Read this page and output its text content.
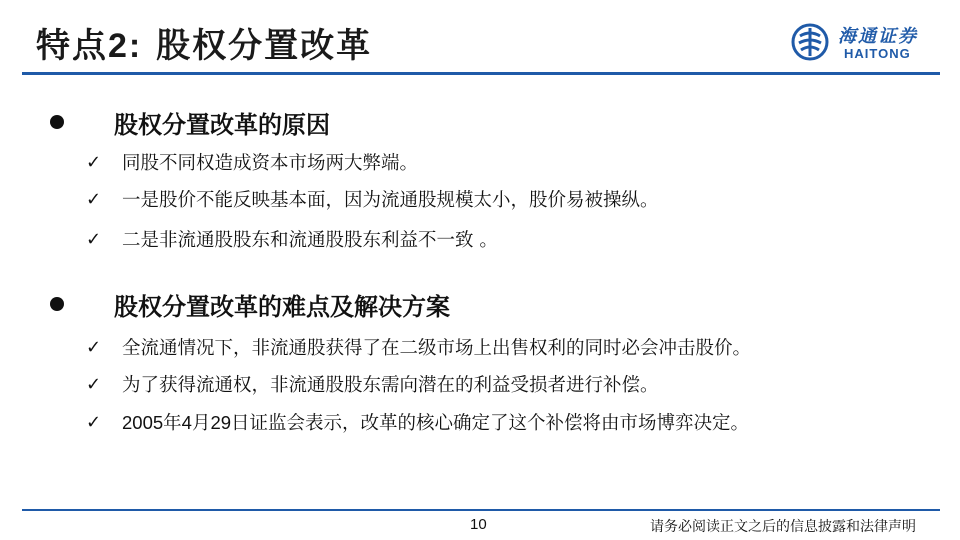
特点2: 股权分置改革	海通证券
HAITONG
股权分置改革的原因
✓ 同股不同权造成资本市场两大弊端。
✓ 一是股价不能反映基本面，因为流通股规模太小，股价易被操纵。
✓ 二是非流通股股东和流通股股东利益不一致 。
股权分置改革的难点及解决方案
✓ 全流通情况下，非流通股获得了在二级市场上出售权利的同时必会冲击股价。
✓ 为了获得流通权，非流通股股东需向潜在的利益受损者进行补偿。
✓ 2005年4月29日证监会表示，改革的核心确定了这个补偿将由市场博弈决定。
10	请务必阅读正文之后的信息披露和法律声明
